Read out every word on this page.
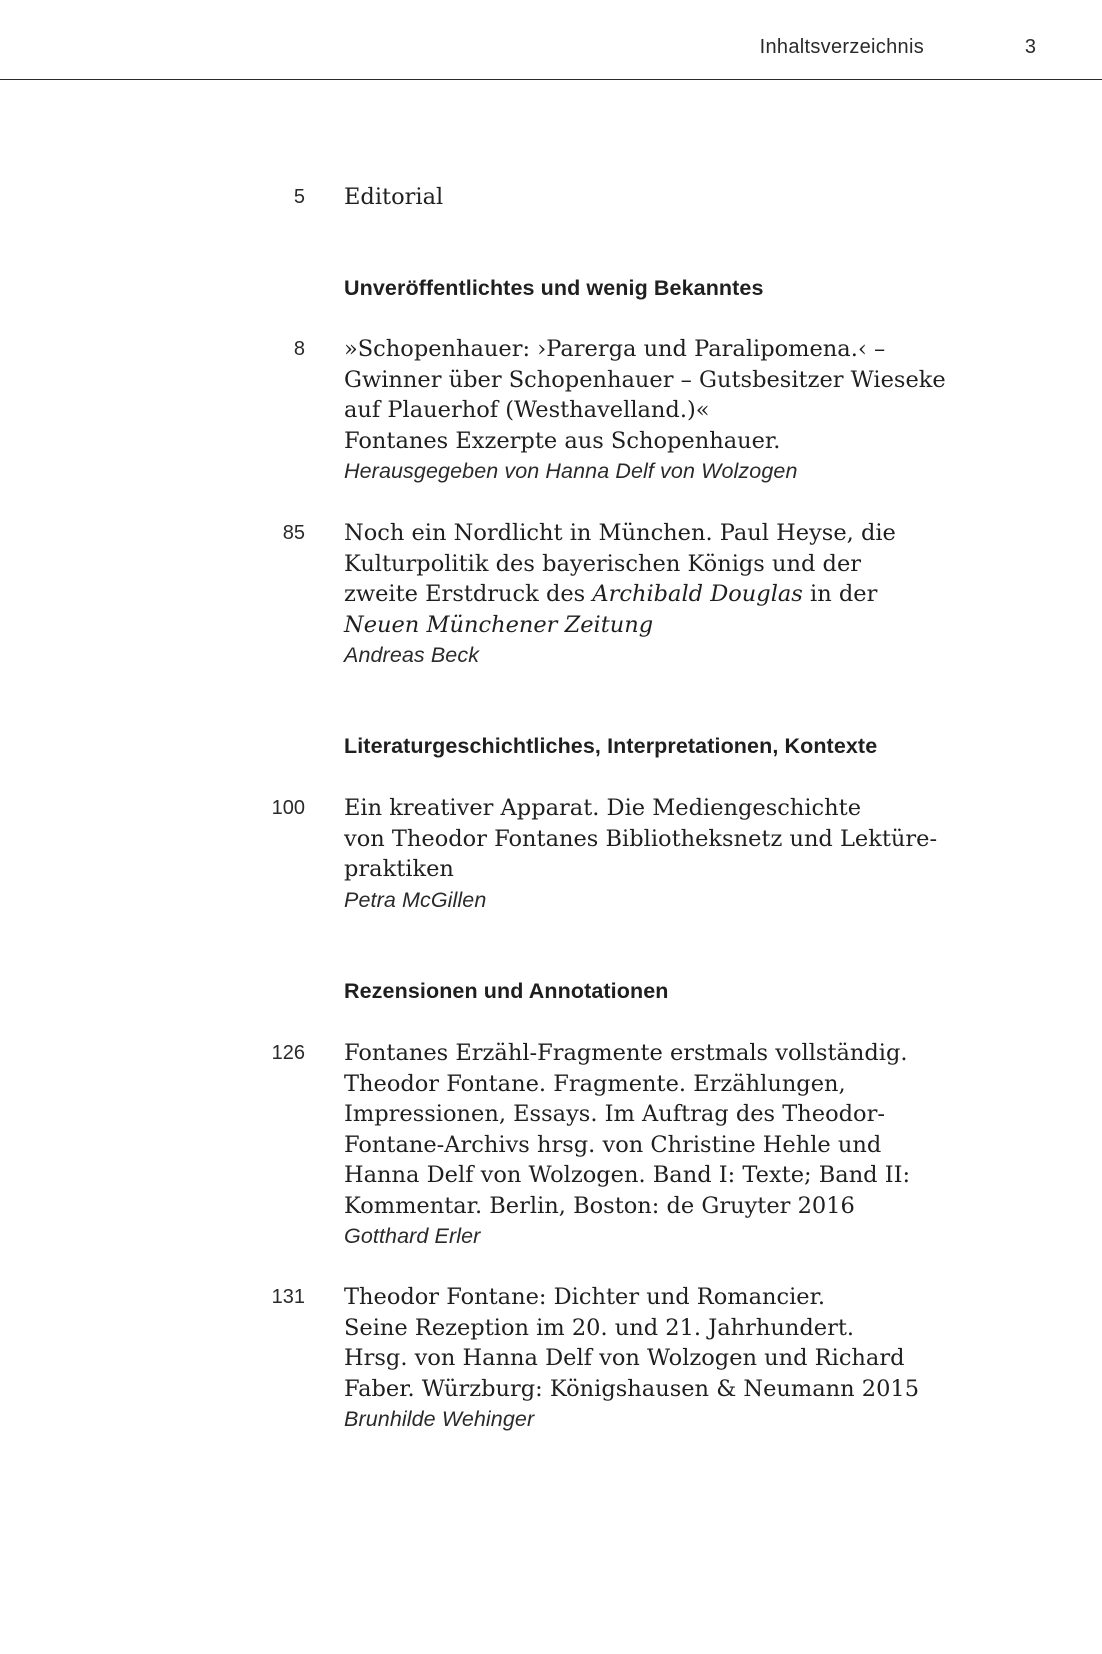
Inhaltsverzeichnis	3
5 Editorial
Unveröffentlichtes und wenig Bekanntes
8 »Schopenhauer: ›Parerga und Paralipomena.‹ –
Gwinner über Schopenhauer – Gutsbesitzer Wieseke
auf Plauerhof (Westhavelland.)«
Fontanes Exzerpte aus Schopenhauer.
Herausgegeben von Hanna Delf von Wolzogen
85 Noch ein Nordlicht in München. Paul Heyse, die
Kulturpolitik des bayerischen Königs und der
zweite Erstdruck des Archibald Douglas in der
Neuen Münchener Zeitung
Andreas Beck
Literaturgeschichtliches, Interpretationen, Kontexte
100 Ein kreativer Apparat. Die Mediengeschichte
von Theodor Fontanes Bibliotheksnetz und Lektüre-
praktiken
Petra McGillen
Rezensionen und Annotationen
126 Fontanes Erzähl-Fragmente erstmals vollständig.
Theodor Fontane. Fragmente. Erzählungen,
Impressionen, Essays. Im Auftrag des Theodor-
Fontane-Archivs hrsg. von Christine Hehle und
Hanna Delf von Wolzogen. Band I: Texte; Band II:
Kommentar. Berlin, Boston: de Gruyter 2016
Gotthard Erler
131 Theodor Fontane: Dichter und Romancier.
Seine Rezeption im 20. und 21. Jahrhundert.
Hrsg. von Hanna Delf von Wolzogen und Richard
Faber. Würzburg: Königshausen & Neumann 2015
Brunhilde Wehinger
